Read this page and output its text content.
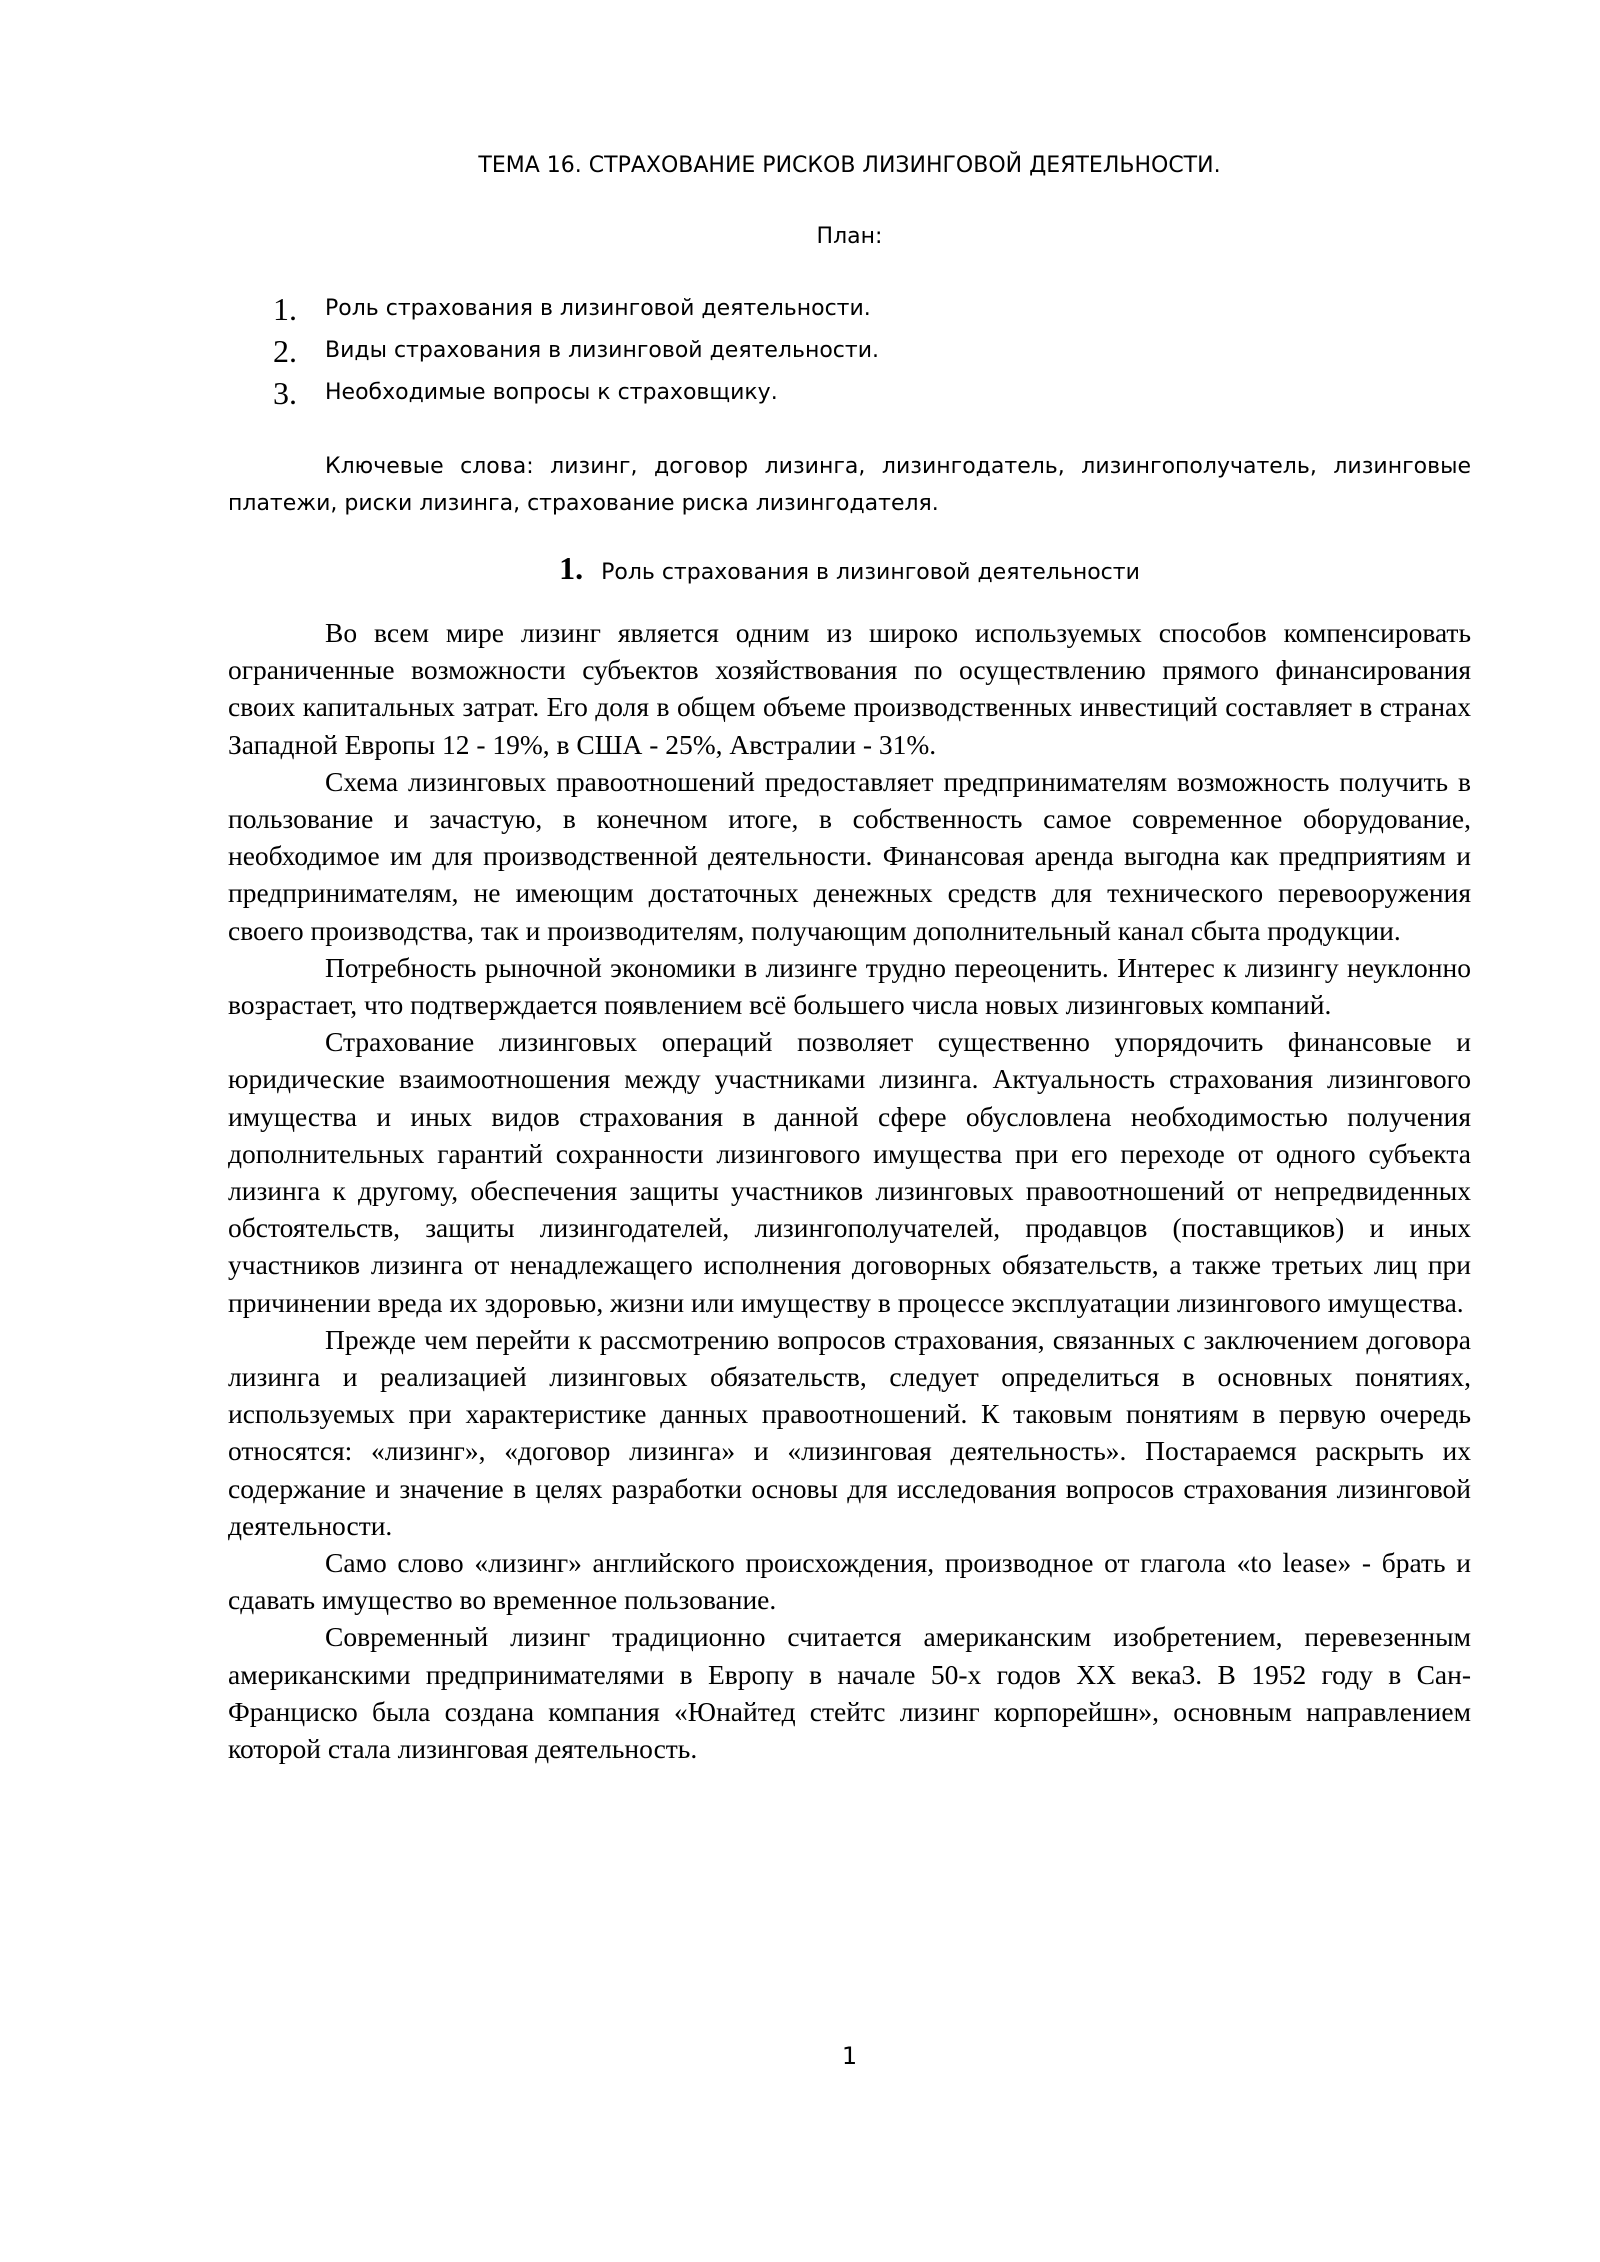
ТЕМА 16. СТРАХОВАНИЕ РИСКОВ ЛИЗИНГОВОЙ ДЕЯТЕЛЬНОСТИ.
План:
1. Роль страхования в лизинговой деятельности.
2. Виды страхования в лизинговой деятельности.
3. Необходимые вопросы к страховщику.

Ключевые слова: лизинг, договор лизинга, лизингодатель, лизингополучатель, лизинговые платежи, риски лизинга, страхование риска лизингодателя.

1. Роль страхования в лизинговой деятельности

Во всем мире лизинг является одним из широко используемых способов компенсировать ограниченные возможности субъектов хозяйствования по осуществлению прямого финансирования своих капитальных затрат. Его доля в общем объеме производственных инвестиций составляет в странах Западной Европы 12 - 19%, в США - 25%, Австралии - 31%.

Схема лизинговых правоотношений предоставляет предпринимателям возможность получить в пользование и зачастую, в конечном итоге, в собственность самое современное оборудование, необходимое им для производственной деятельности. Финансовая аренда выгодна как предприятиям и предпринимателям, не имеющим достаточных денежных средств для технического перевооружения своего производства, так и производителям, получающим дополнительный канал сбыта продукции.

Потребность рыночной экономики в лизинге трудно переоценить. Интерес к лизингу неуклонно возрастает, что подтверждается появлением всё большего числа новых лизинговых компаний.

Страхование лизинговых операций позволяет существенно упорядочить финансовые и юридические взаимоотношения между участниками лизинга. Актуальность страхования лизингового имущества и иных видов страхования в данной сфере обусловлена необходимостью получения дополнительных гарантий сохранности лизингового имущества при его переходе от одного субъекта лизинга к другому, обеспечения защиты участников лизинговых правоотношений от непредвиденных обстоятельств, защиты лизингодателей, лизингополучателей, продавцов (поставщиков) и иных участников лизинга от ненадлежащего исполнения договорных обязательств, а также третьих лиц при причинении вреда их здоровью, жизни или имуществу в процессе эксплуатации лизингового имущества.

Прежде чем перейти к рассмотрению вопросов страхования, связанных с заключением договора лизинга и реализацией лизинговых обязательств, следует определиться в основных понятиях, используемых при характеристике данных правоотношений. К таковым понятиям в первую очередь относятся: «лизинг», «договор лизинга» и «лизинговая деятельность». Постараемся раскрыть их содержание и значение в целях разработки основы для исследования вопросов страхования лизинговой деятельности.

Само слово «лизинг» английского происхождения, производное от глагола «to lease» - брать и сдавать имущество во временное пользование.

Современный лизинг традиционно считается американским изобретением, перевезенным американскими предпринимателями в Европу в начале 50-х годов XX века3. В 1952 году в Сан-Франциско была создана компания «Юнайтед стейтс лизинг корпорейшн», основным направлением которой стала лизинговая деятельность.

1
